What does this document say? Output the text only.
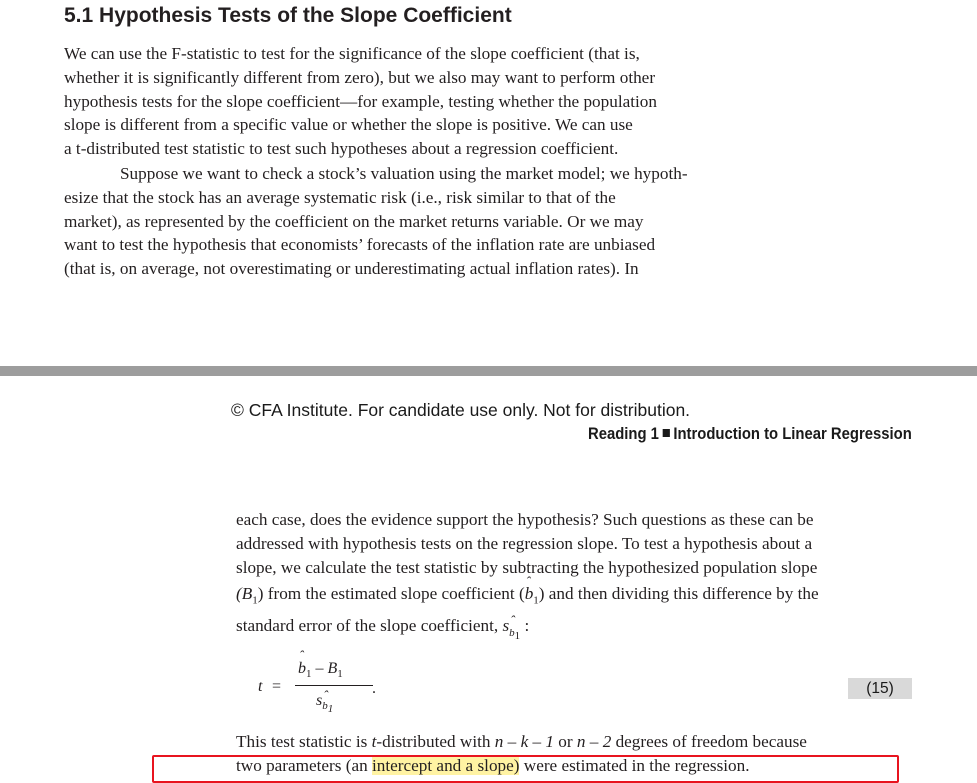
5.1 Hypothesis Tests of the Slope Coefficient

We can use the F-statistic to test for the significance of the slope coefficient (that is,
whether it is significantly different from zero), but we also may want to perform other
hypothesis tests for the slope coefficient—for example, testing whether the population
slope is different from a specific value or whether the slope is positive. We can use
a t-distributed test statistic to test such hypotheses about a regression coefficient.

Suppose we want to check a stock’s valuation using the market model; we hypoth-
esize that the stock has an average systematic risk (i.e., risk similar to that of the
market), as represented by the coefficient on the market returns variable. Or we may
want to test the hypothesis that economists’ forecasts of the inflation rate are unbiased
(that is, on average, not overestimating or underestimating actual inflation rates). In

© CFA Institute. For candidate use only. Not for distribution.
Reading 1 Introduction to Linear Regression

each case, does the evidence support the hypothesis? Such questions as these can be
addressed with hypothesis tests on the regression slope. To test a hypothesis about a
slope, we calculate the test statistic by subtracting the hypothesized population slope
$(B_1)$ from the estimated slope coefficient (ˆ $b_1$) and then dividing this difference by the
standard error of the slope coefficient, sˆ $_{b_1}$ :

t =
ˆ $b_1 - B_1$
sˆ $_{b_1}$
.	(15)

This test statistic is t-distributed with n – k – 1 or n – 2 degrees of freedom because
two parameters (an intercept and a slope) were estimated in the regression.
